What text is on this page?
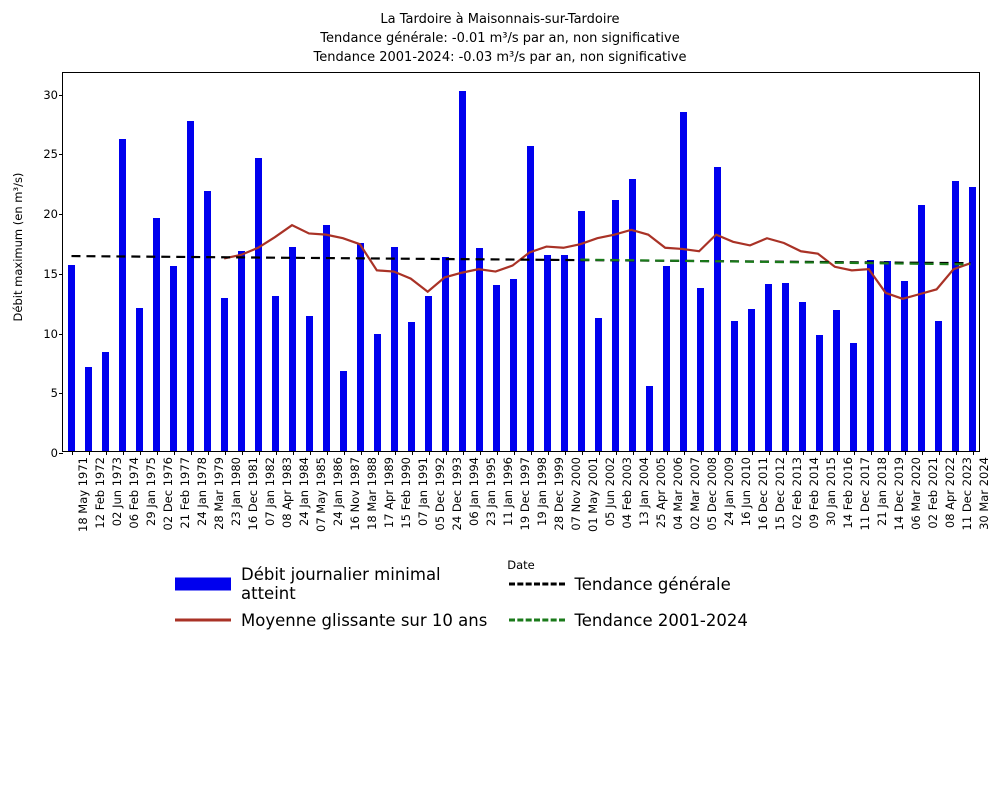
La Tardoire à Maisonnais-sur-Tardoire
Tendance générale: -0.01 m³/s par an, non significative
Tendance 2001-2024: -0.03 m³/s par an, non significative
Débit maximum (en m³/s)
0
5
10
15
20
25
30
18 May 1971 12 Feb 1972 02 Jun 1973 06 Feb 1974 29 Jan 1975 02 Dec 1976 21 Feb 1977 24 Jan 1978 28 Mar 1979 23 Jan 1980 16 Dec 1981 07 Jan 1982 08 Apr 1983 24 Jan 1984 07 May 1985 24 Jan 1986 16 Nov 1987 18 Mar 1988 17 Apr 1989 15 Feb 1990 07 Jan 1991 05 Dec 1992 24 Dec 1993 06 Jan 1994 23 Jan 1995 11 Jan 1996 19 Dec 1997 19 Jan 1998 28 Dec 1999 07 Nov 2000 01 May 2001 05 Jun 2002 04 Feb 2003 13 Jan 2004 25 Apr 2005 04 Mar 2006 02 Mar 2007 05 Dec 2008 24 Jan 2009 16 Jun 2010 16 Dec 2011 15 Dec 2012 02 Feb 2013 09 Feb 2014 30 Jan 2015 14 Feb 2016 11 Dec 2017 21 Jan 2018 14 Dec 2019 06 Mar 2020 02 Feb 2021 08 Apr 2022 11 Dec 2023 30 Mar 2024
Date
Débit journalier minimal atteint	Tendance générale
Moyenne glissante sur 10 ans	Tendance 2001-2024
